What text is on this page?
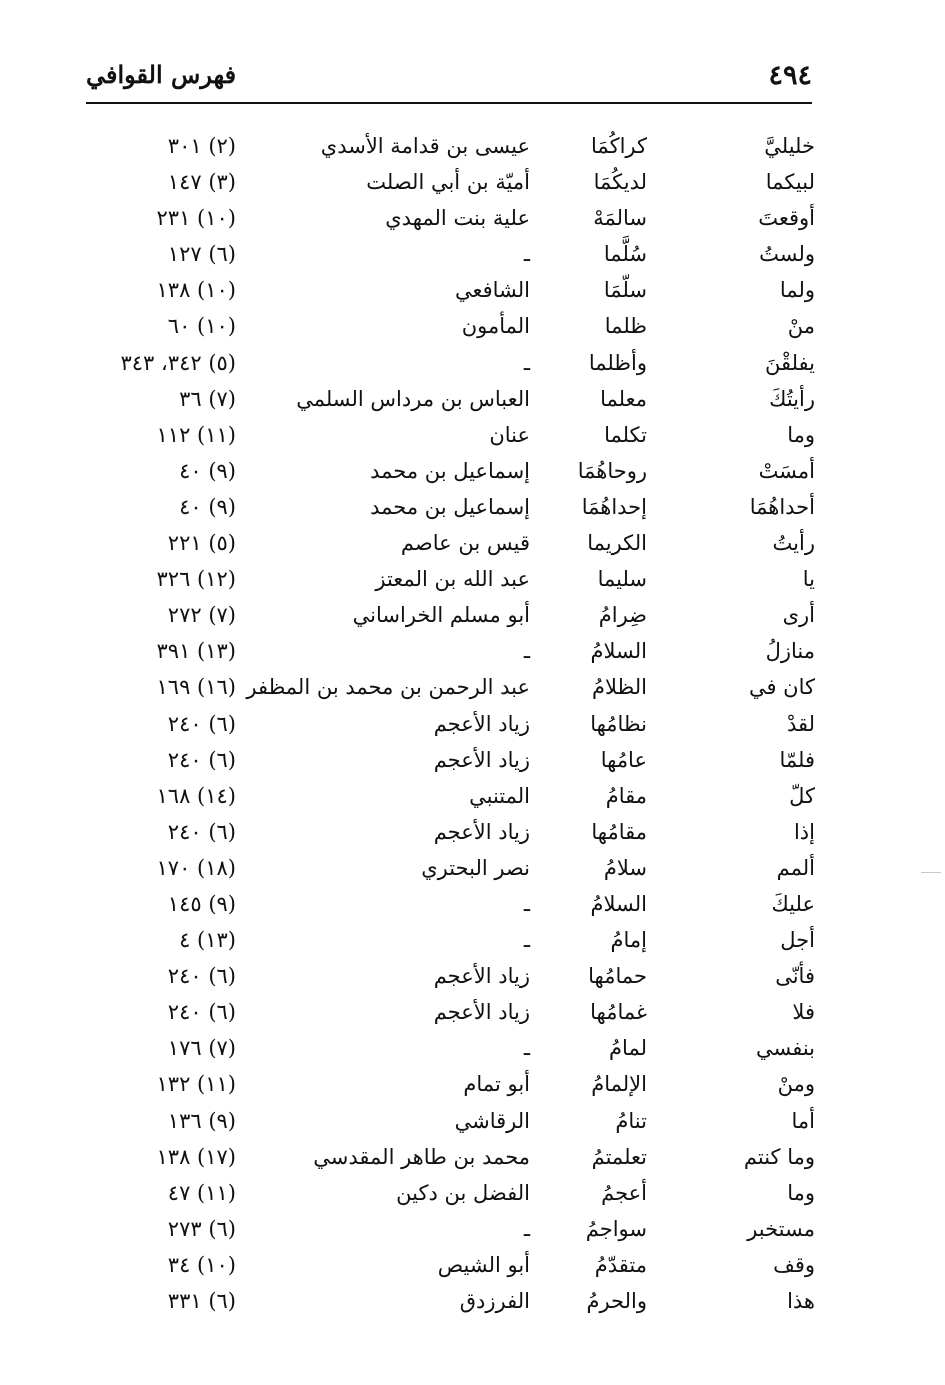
٤٩٤
فهرس القوافي
خليليَّ
كراكُمَا
عيسى بن قدامة الأسدي
(٢) ٣٠١
لبيكما
لديكُمَا
أميّة بن أبي الصلت
(٣) ١٤٧
أوقعتَ
سالمَهْ
علية بنت المهدي
(١٠) ٢٣١
ولستُ
سُلَّما
ـ
(٦) ١٢٧
ولما
سلّمَا
الشافعي
(١٠) ١٣٨
منْ
ظلما
المأمون
(١٠) ٦٠
يفلقْنَ
وأظلما
ـ
(٥) ٣٤٢، ٣٤٣
رأيتُكَ
معلما
العباس بن مرداس السلمي
(٧) ٣٦
وما
تكلما
عنان
(١١) ١١٢
أمسَتْ
روحاهُمَا
إسماعيل بن محمد
(٩) ٤٠
أحداهُمَا
إحداهُمَا
إسماعيل بن محمد
(٩) ٤٠
رأيتُ
الكريما
قيس بن عاصم
(٥) ٢٢١
يا
سليما
عبد الله بن المعتز
(١٢) ٣٢٦
أرى
ضِرامُ
أبو مسلم الخراساني
(٧) ٢٧٢
منازلُ
السلامُ
ـ
(١٣) ٣٩١
كان في
الظلامُ
عبد الرحمن بن محمد بن المظفر
(١٦) ١٦٩
لقدْ
نظامُها
زياد الأعجم
(٦) ٢٤٠
فلمّا
عامُها
زياد الأعجم
(٦) ٢٤٠
كلّ
مقامُ
المتنبي
(١٤) ١٦٨
إذا
مقامُها
زياد الأعجم
(٦) ٢٤٠
ألمم
سلامُ
نصر البحتري
(١٨) ١٧٠
عليكَ
السلامُ
ـ
(٩) ١٤٥
أجل
إمامُ
ـ
(١٣) ٤
فأنّى
حمامُها
زياد الأعجم
(٦) ٢٤٠
فلا
غمامُها
زياد الأعجم
(٦) ٢٤٠
بنفسي
لمامُ
ـ
(٧) ١٧٦
ومنْ
الإلمامُ
أبو تمام
(١١) ١٣٢
أما
تنامُ
الرقاشي
(٩) ١٣٦
وما كنتم
تعلمتمُ
محمد بن طاهر المقدسي
(١٧) ١٣٨
وما
أعجمُ
الفضل بن دكين
(١١) ٤٧
مستخبر
سواجمُ
ـ
(٦) ٢٧٣
وقف
متقدّمُ
أبو الشيص
(١٠) ٣٤
هذا
والحرمُ
الفرزدق
(٦) ٣٣١
